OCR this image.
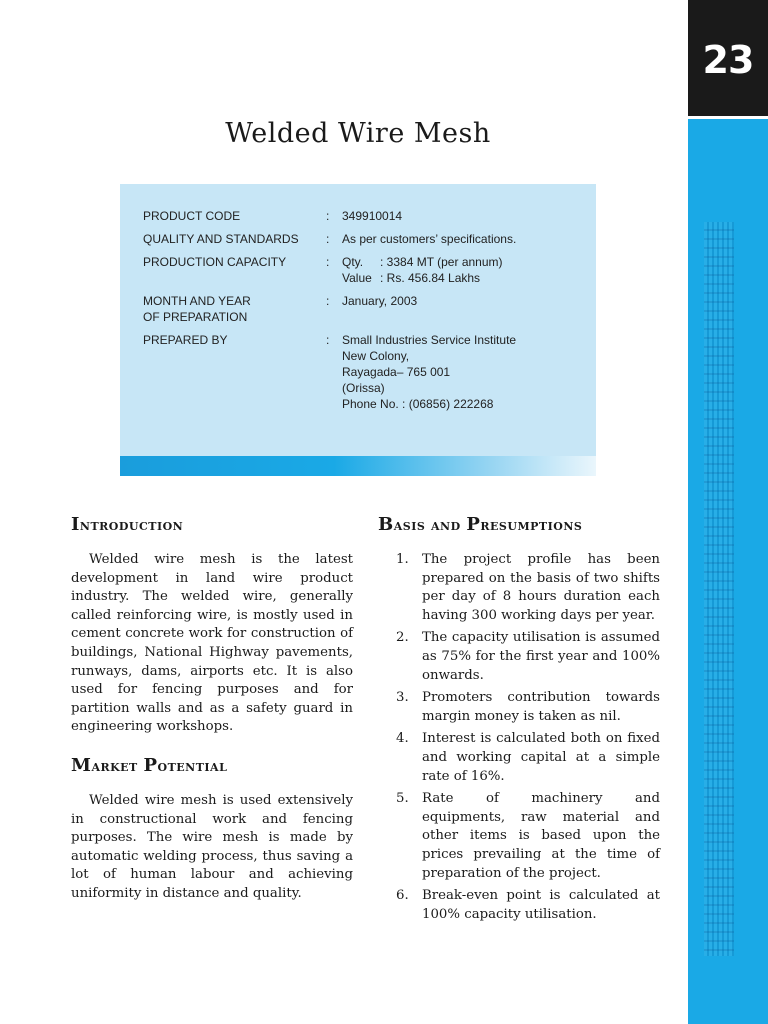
23
Welded Wire Mesh
PRODUCT CODE	:	349910014
QUALITY AND STANDARDS	:	As per customers’ specifications.
PRODUCTION CAPACITY	:	Qty.	: 3384 MT (per annum)
Value : Rs. 456.84 Lakhs
MONTH AND YEAR
OF PREPARATION
:	January, 2003
PREPARED BY	:	Small Industries Service Institute
New Colony,
Rayagada– 765 001
(Orissa)
Phone No. : (06856) 222268
Introduction

Welded wire mesh is the latest development in land wire product industry. The welded wire, generally called reinforcing wire, is mostly used in cement concrete work for construction of buildings, National Highway pavements, runways, dams, airports etc. It is also used for fencing purposes and for partition walls and as a safety guard in engineering workshops.

Market Potential

Welded wire mesh is used extensively in constructional work and fencing purposes. The wire mesh is made by automatic welding process, thus saving a lot of human labour and achieving uniformity in distance and quality.

Basis and Presumptions
1.	The project profile has been prepared on the basis of two shifts per day of 8 hours duration each having 300 working days per year.
2.	The capacity utilisation is assumed as 75% for the first year and 100% onwards.
3.	Promoters contribution towards margin money is taken as nil.
4.	Interest is calculated both on fixed and working capital at a simple rate of 16%.
5.	Rate of machinery and equipments, raw material and other items is based upon the prices prevailing at the time of preparation of the project.
6.	Break-even point is calculated at 100% capacity utilisation.
